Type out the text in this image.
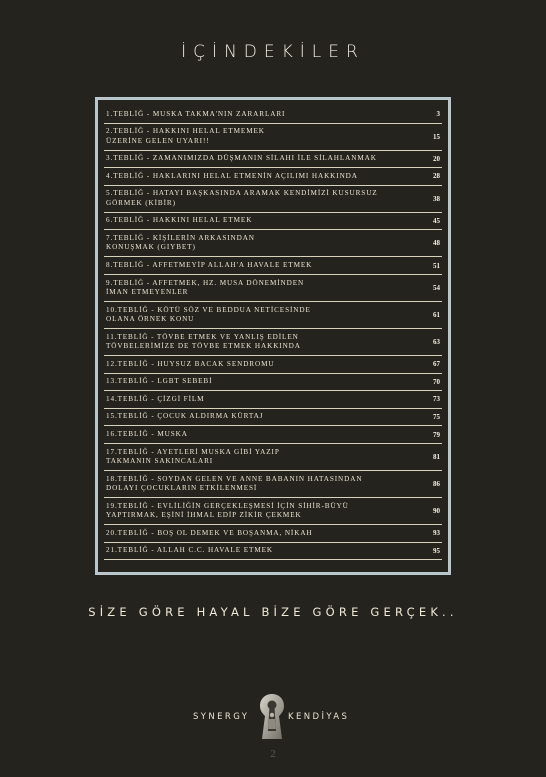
İÇİNDEKİLER
1.TEBLİĞ - MUSKA TAKMA'NIN ZARARLARI	3
2.TEBLİĞ - HAKKINI HELAL ETMEMEK
ÜZERİNE GELEN UYARI!!	15
3.TEBLİĞ - ZAMANIMIZDA DÜŞMANIN SİLAHI İLE SİLAHLANMAK	20
4.TEBLİĞ - HAKLARINI HELAL ETMENİN AÇILIMI HAKKINDA	28
5.TEBLİĞ - HATAYI BAŞKASINDA ARAMAK KENDİMİZİ KUSURSUZ
GÖRMEK (KİBİR)	38
6.TEBLİĞ - HAKKINI HELAL ETMEK	45
7.TEBLİĞ - KİŞİLERİN ARKASINDAN
KONUŞMAK (GIYBET)	48
8.TEBLİĞ - AFFETMEYİP ALLAH'A HAVALE ETMEK	51
9.TEBLİĞ - AFFETMEK, HZ. MUSA DÖNEMİNDEN
İMAN ETMEYENLER	54
10.TEBLİĞ - KÖTÜ SÖZ VE BEDDUA NETİCESİNDE
OLANA ÖRNEK KONU	61
11.TEBLİĞ - TÖVBE ETMEK VE YANLIŞ EDİLEN
TÖVBELERİMİZE DE TÖVBE ETMEK HAKKINDA	63
12.TEBLİĞ - HUYSUZ BACAK SENDROMU	67
13.TEBLİĞ - LGBT SEBEBİ	70
14.TEBLİĞ - ÇİZGİ FİLM	73
15.TEBLİĞ - ÇOCUK ALDIRMA KÜRTAJ	75
16.TEBLİĞ - MUSKA	79
17.TEBLİĞ - AYETLERİ MUSKA GİBİ YAZIP
TAKMANIN SAKINCALARI	81
18.TEBLİĞ - SOYDAN GELEN VE ANNE BABANIN HATASINDAN
DOLAYI ÇOCUKLARIN ETKİLENMESİ	86
19.TEBLİĞ - EVLİLİĞİN GERÇEKLEŞMESİ İÇİN SİHİR-BÜYÜ
YAPTIRMAK, EŞİNİ İHMAL EDİP ZİKİR ÇEKMEK	90
20.TEBLİĞ - BOŞ OL DEMEK VE BOŞANMA, NİKAH	93
21.TEBLİĞ - ALLAH C.C. HAVALE ETMEK	95
SİZE GÖRE HAYAL BİZE GÖRE GERÇEK..
SYNERGY	KENDİYAS
2
